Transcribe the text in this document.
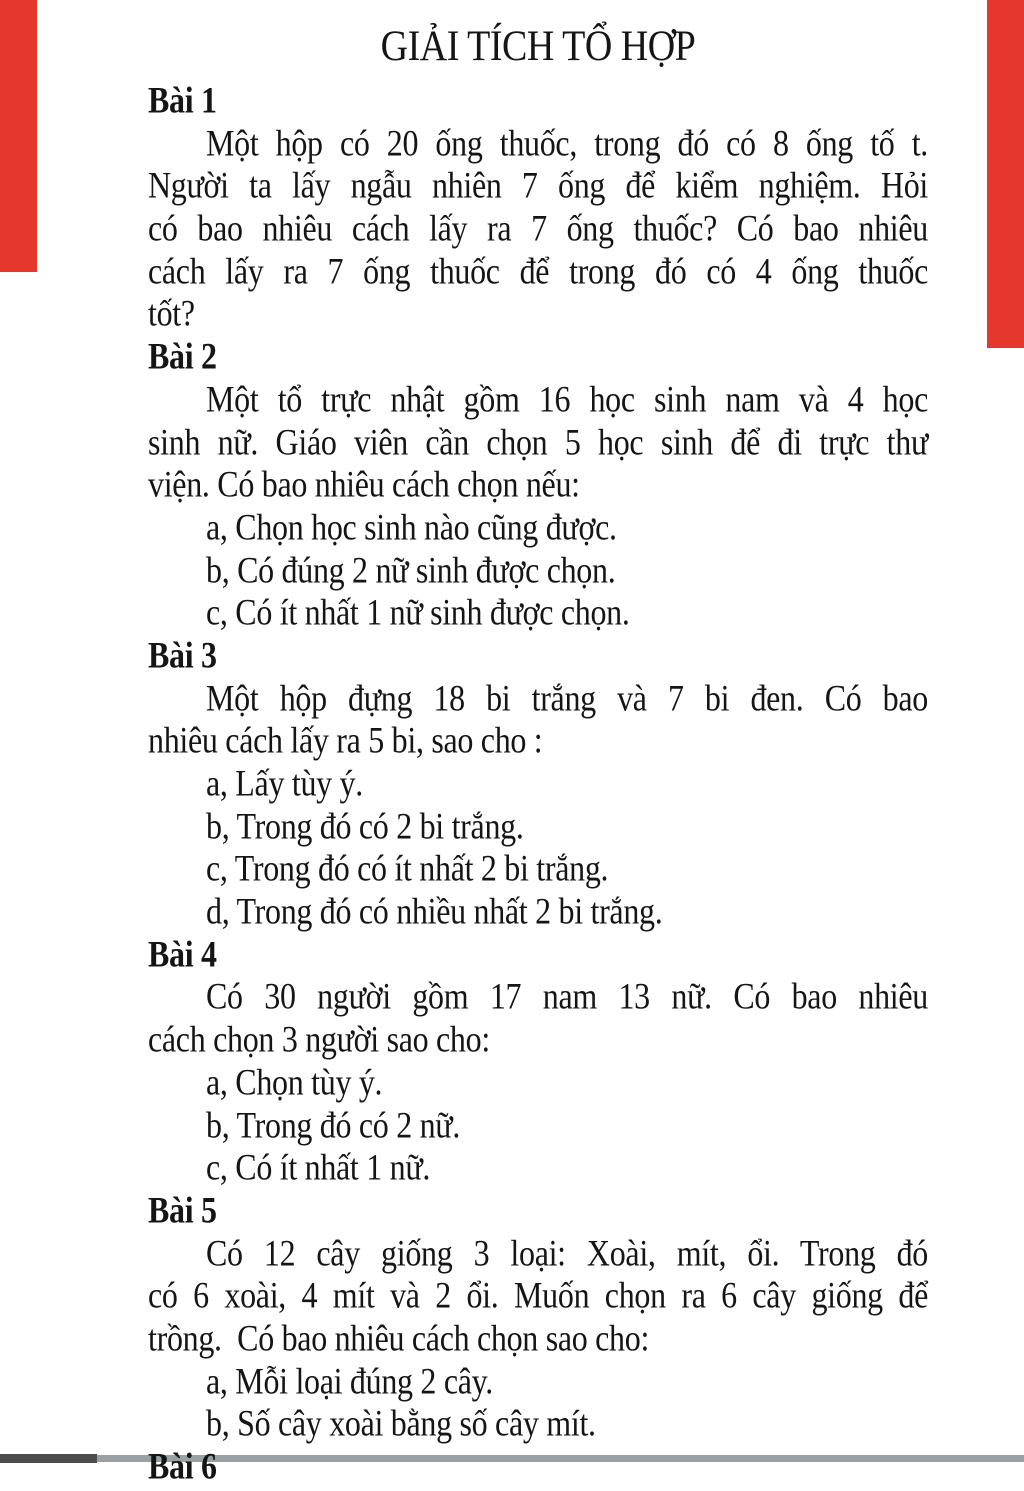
GIẢI TÍCH TỔ HỢP
Bài 1
Một hộp có 20 ống thuốc, trong đó có 8 ống tố t.
Người ta lấy ngẫu nhiên 7 ống để kiểm nghiệm. Hỏi
có bao nhiêu cách lấy ra 7 ống thuốc? Có bao nhiêu
cách lấy ra 7 ống thuốc để trong đó có 4 ống thuốc
tốt?
Bài 2
Một tổ trực nhật gồm 16 học sinh nam và 4 học
sinh nữ. Giáo viên cần chọn 5 học sinh để đi trực thư
viện. Có bao nhiêu cách chọn nếu:
a, Chọn học sinh nào cũng được.
b, Có đúng 2 nữ sinh được chọn.
c, Có ít nhất 1 nữ sinh được chọn.
Bài 3
Một hộp đựng 18 bi trắng và 7 bi đen. Có bao
nhiêu cách lấy ra 5 bi, sao cho :
a, Lấy tùy ý.
b, Trong đó có 2 bi trắng.
c, Trong đó có ít nhất 2 bi trắng.
d, Trong đó có nhiều nhất 2 bi trắng.
Bài 4
Có 30 người gồm 17 nam 13 nữ. Có bao nhiêu
cách chọn 3 người sao cho:
a, Chọn tùy ý.
b, Trong đó có 2 nữ.
c, Có ít nhất 1 nữ.
Bài 5
Có 12 cây giống 3 loại: Xoài, mít, ổi. Trong đó
có 6 xoài, 4 mít và 2 ổi. Muốn chọn ra 6 cây giống để
trồng.  Có bao nhiêu cách chọn sao cho:
a, Mỗi loại đúng 2 cây.
b, Số cây xoài bằng số cây mít.
Bài 6
